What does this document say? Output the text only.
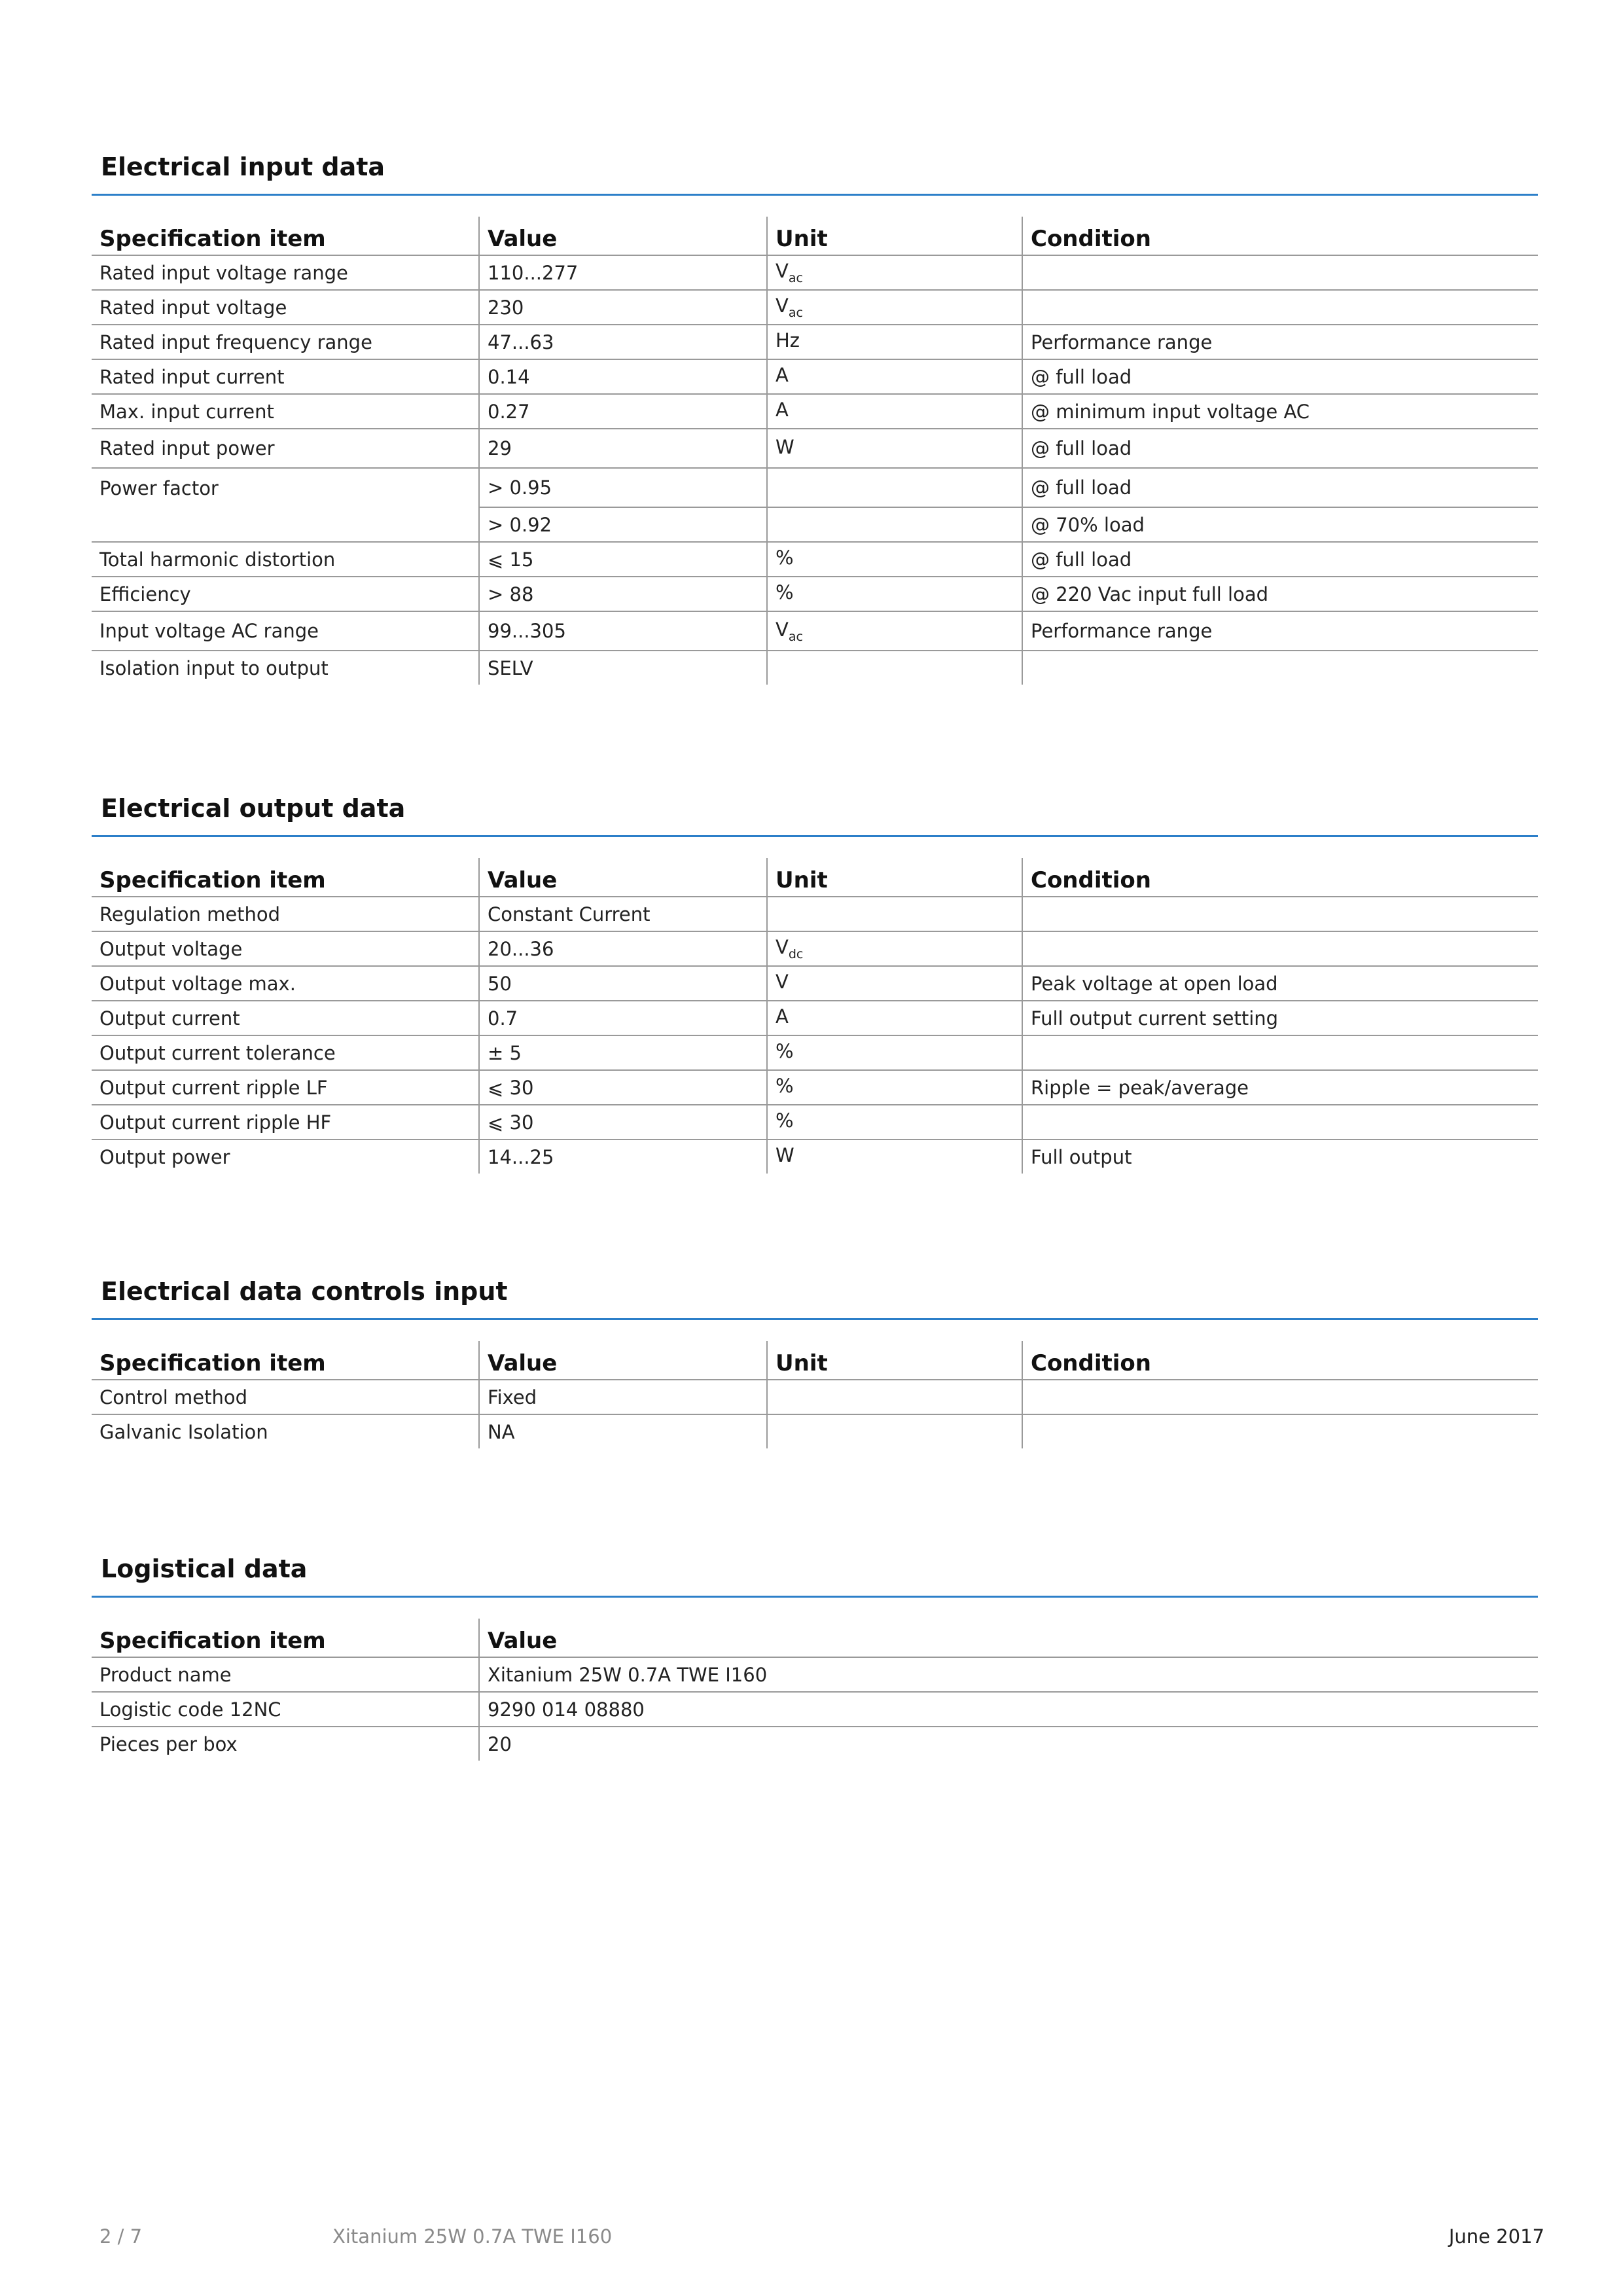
Electrical input data
Specification item	Value	Unit	Condition
Rated input voltage range	110...277	$V_{ac}$	
Rated input voltage	230	$V_{ac}$	
Rated input frequency range	47...63	Hz	Performance range
Rated input current	0.14	A	@ full load
Max. input current	0.27	A	@ minimum input voltage AC
Rated input power	29	W	@ full load
Power factor	> 0.95		@ full load
	> 0.92		@ 70% load
Total harmonic distortion	⩽ 15	%	@ full load
Efficiency	> 88	%	@ 220 Vac input full load
Input voltage AC range	99...305	$V_{ac}$	Performance range
Isolation input to output	SELV		
Electrical output data
Specification item	Value	Unit	Condition
Regulation method	Constant Current		
Output voltage	20...36	$V_{dc}$	
Output voltage max.	50	V	Peak voltage at open load
Output current	0.7	A	Full output current setting
Output current tolerance	± 5	%	
Output current ripple LF	⩽ 30	%	Ripple = peak/average
Output current ripple HF	⩽ 30	%	
Output power	14...25	W	Full output
Electrical data controls input
Specification item	Value	Unit	Condition
Control method	Fixed		
Galvanic Isolation	NA		
Logistical data
Specification item	Value
Product name	Xitanium 25W 0.7A TWE I160
Logistic code 12NC	9290 014 08880
Pieces per box	20
2 / 7	Xitanium 25W 0.7A TWE I160	June 2017
